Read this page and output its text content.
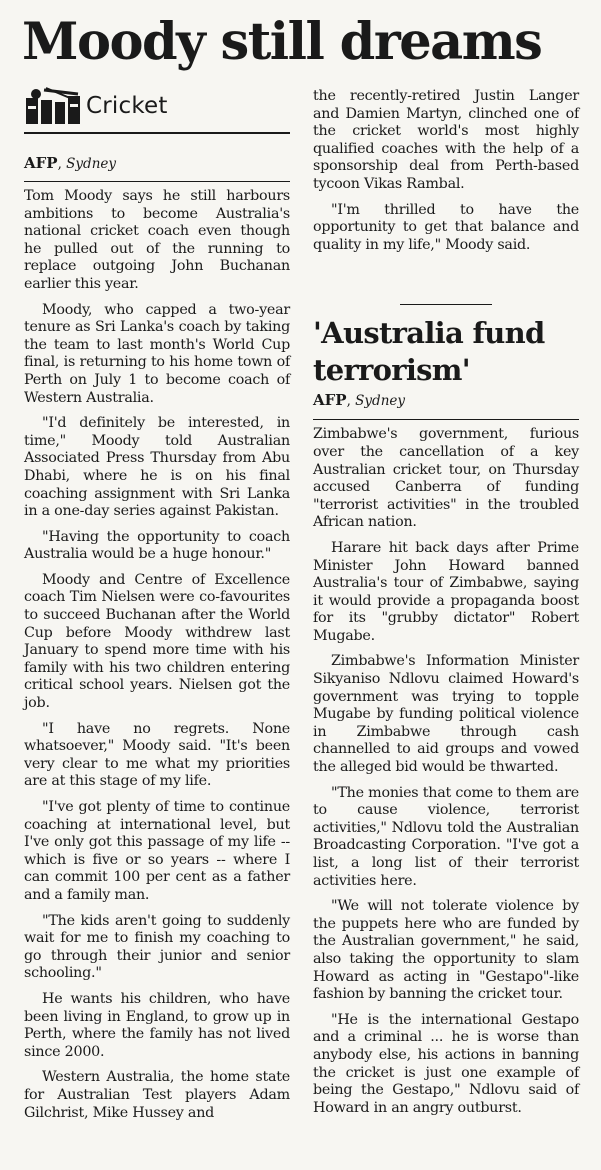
Moody still dreams
Cricket
AFP, Sydney

Tom Moody says he still harbours ambitions to become Australia's national cricket coach even though he pulled out of the running to replace outgoing John Buchanan earlier this year.

Moody, who capped a two-year tenure as Sri Lanka's coach by taking the team to last month's World Cup final, is returning to his home town of Perth on July 1 to become coach of Western Australia.

"I'd definitely be interested, in time," Moody told Australian Associated Press Thursday from Abu Dhabi, where he is on his final coaching assignment with Sri Lanka in a one-day series against Pakistan.

"Having the opportunity to coach Australia would be a huge honour."

Moody and Centre of Excellence coach Tim Nielsen were co-favourites to succeed Buchanan after the World Cup before Moody withdrew last January to spend more time with his family with his two children entering critical school years. Nielsen got the job.

"I have no regrets. None whatsoever," Moody said. "It's been very clear to me what my priorities are at this stage of my life.

"I've got plenty of time to continue coaching at international level, but I've only got this passage of my life -- which is five or so years -- where I can commit 100 per cent as a father and a family man.

"The kids aren't going to suddenly wait for me to finish my coaching to go through their junior and senior schooling."

He wants his children, who have been living in England, to grow up in Perth, where the family has not lived since 2000.

Western Australia, the home state for Australian Test players Adam Gilchrist, Mike Hussey and

the recently-retired Justin Langer and Damien Martyn, clinched one of the cricket world's most highly qualified coaches with the help of a sponsorship deal from Perth-based tycoon Vikas Rambal.

"I'm thrilled to have the opportunity to get that balance and quality in my life," Moody said.

'Australia fund terrorism'
AFP, Sydney

Zimbabwe's government, furious over the cancellation of a key Australian cricket tour, on Thursday accused Canberra of funding "terrorist activities" in the troubled African nation.

Harare hit back days after Prime Minister John Howard banned Australia's tour of Zimbabwe, saying it would provide a propaganda boost for its "grubby dictator" Robert Mugabe.

Zimbabwe's Information Minister Sikyaniso Ndlovu claimed Howard's government was trying to topple Mugabe by funding political violence in Zimbabwe through cash channelled to aid groups and vowed the alleged bid would be thwarted.

"The monies that come to them are to cause violence, terrorist activities," Ndlovu told the Australian Broadcasting Corporation. "I've got a list, a long list of their terrorist activities here.

"We will not tolerate violence by the puppets here who are funded by the Australian government," he said, also taking the opportunity to slam Howard as acting in "Gestapo"-like fashion by banning the cricket tour.

"He is the international Gestapo and a criminal ... he is worse than anybody else, his actions in banning the cricket is just one example of being the Gestapo," Ndlovu said of Howard in an angry outburst.
